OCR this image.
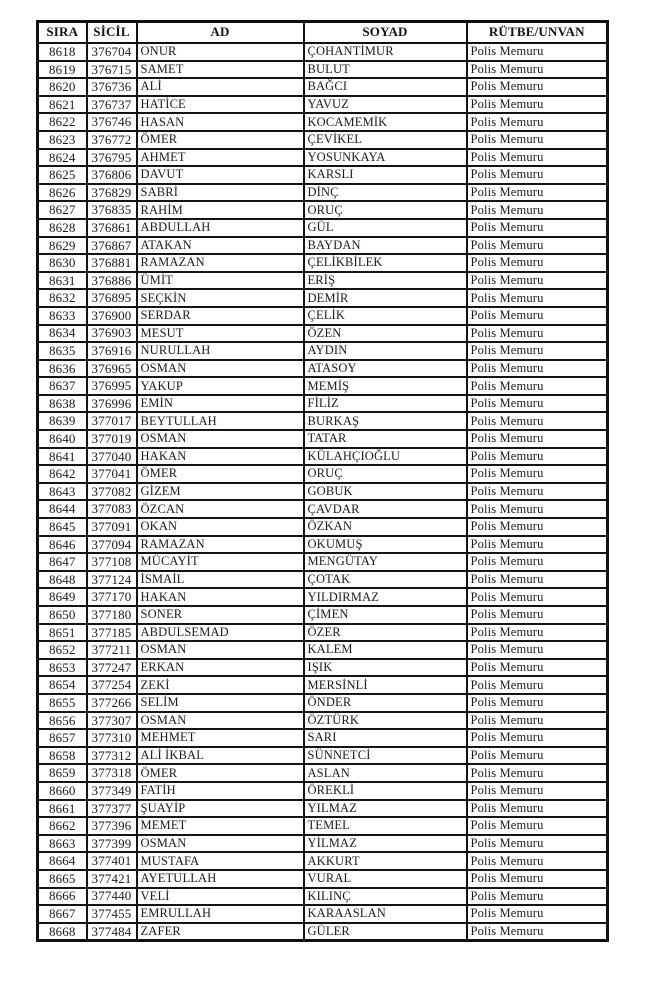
SIRA	SİCİL	AD	SOYAD	RÜTBE/UNVAN
8618	376704	ONUR	ÇOHANTİMUR	Polis Memuru
8619	376715	SAMET	BULUT	Polis Memuru
8620	376736	ALİ	BAĞCI	Polis Memuru
8621	376737	HATİCE	YAVUZ	Polis Memuru
8622	376746	HASAN	KOCAMEMİK	Polis Memuru
8623	376772	ÖMER	ÇEVİKEL	Polis Memuru
8624	376795	AHMET	YOSUNKAYA	Polis Memuru
8625	376806	DAVUT	KARSLI	Polis Memuru
8626	376829	SABRİ	DİNÇ	Polis Memuru
8627	376835	RAHİM	ORUÇ	Polis Memuru
8628	376861	ABDULLAH	GÜL	Polis Memuru
8629	376867	ATAKAN	BAYDAN	Polis Memuru
8630	376881	RAMAZAN	ÇELİKBİLEK	Polis Memuru
8631	376886	ÜMİT	ERİŞ	Polis Memuru
8632	376895	SEÇKİN	DEMİR	Polis Memuru
8633	376900	SERDAR	ÇELİK	Polis Memuru
8634	376903	MESUT	ÖZEN	Polis Memuru
8635	376916	NURULLAH	AYDIN	Polis Memuru
8636	376965	OSMAN	ATASOY	Polis Memuru
8637	376995	YAKUP	MEMİŞ	Polis Memuru
8638	376996	EMİN	FİLİZ	Polis Memuru
8639	377017	BEYTULLAH	BURKAŞ	Polis Memuru
8640	377019	OSMAN	TATAR	Polis Memuru
8641	377040	HAKAN	KÜLAHÇIOĞLU	Polis Memuru
8642	377041	ÖMER	ORUÇ	Polis Memuru
8643	377082	GİZEM	GOBUK	Polis Memuru
8644	377083	ÖZCAN	ÇAVDAR	Polis Memuru
8645	377091	OKAN	ÖZKAN	Polis Memuru
8646	377094	RAMAZAN	OKUMUŞ	Polis Memuru
8647	377108	MÜCAYİT	MENGÜTAY	Polis Memuru
8648	377124	İSMAİL	ÇOTAK	Polis Memuru
8649	377170	HAKAN	YILDIRMAZ	Polis Memuru
8650	377180	SONER	ÇİMEN	Polis Memuru
8651	377185	ABDULSEMAD	ÖZER	Polis Memuru
8652	377211	OSMAN	KALEM	Polis Memuru
8653	377247	ERKAN	IŞIK	Polis Memuru
8654	377254	ZEKİ	MERSİNLİ	Polis Memuru
8655	377266	SELİM	ÖNDER	Polis Memuru
8656	377307	OSMAN	ÖZTÜRK	Polis Memuru
8657	377310	MEHMET	SARI	Polis Memuru
8658	377312	ALİ İKBAL	SÜNNETCİ	Polis Memuru
8659	377318	ÖMER	ASLAN	Polis Memuru
8660	377349	FATİH	ÖREKLİ	Polis Memuru
8661	377377	ŞUAYİP	YILMAZ	Polis Memuru
8662	377396	MEMET	TEMEL	Polis Memuru
8663	377399	OSMAN	YİLMAZ	Polis Memuru
8664	377401	MUSTAFA	AKKURT	Polis Memuru
8665	377421	AYETULLAH	VURAL	Polis Memuru
8666	377440	VELİ	KILINÇ	Polis Memuru
8667	377455	EMRULLAH	KARAASLAN	Polis Memuru
8668	377484	ZAFER	GÜLER	Polis Memuru
